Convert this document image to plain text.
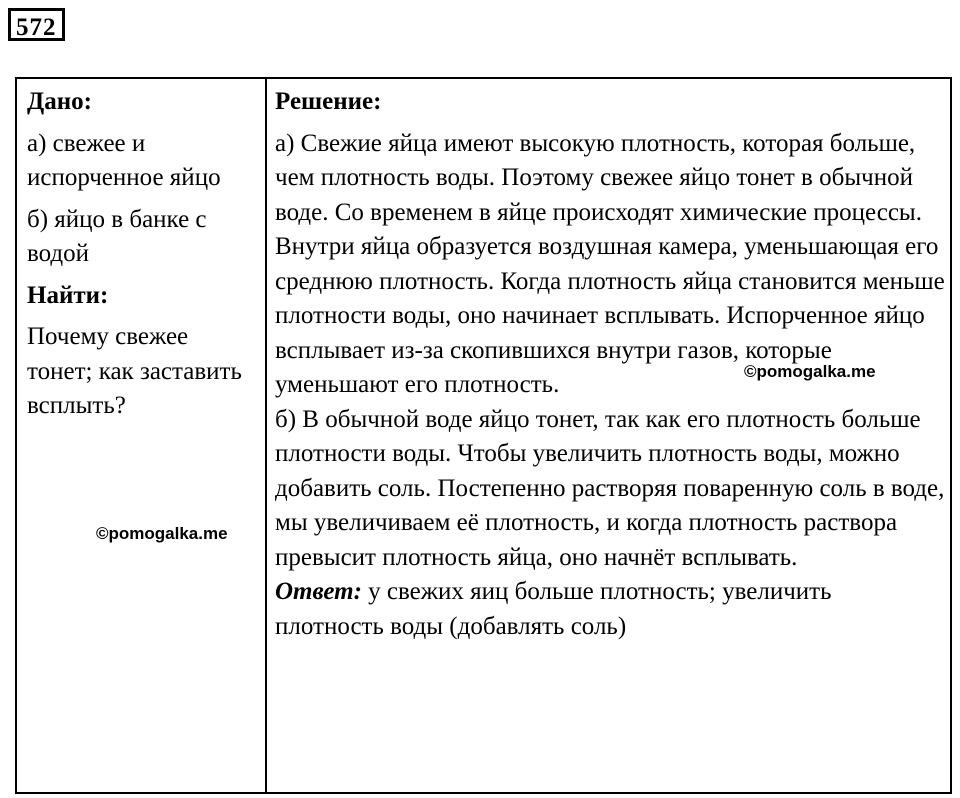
572

Дано:

а) свежее и испорченное яйцо

б) яйцо в банке с водой

Найти:

Почему свежее тонет; как заставить всплыть?

Решение:

а) Свежие яйца имеют высокую плотность, которая больше, чем плотность воды. Поэтому свежее яйцо тонет в обычной воде. Со временем в яйце происходят химические процессы. Внутри яйца образуется воздушная камера, уменьшающая его среднюю плотность. Когда плотность яйца становится меньше плотности воды, оно начинает всплывать. Испорченное яйцо всплывает из-за скопившихся внутри газов, которые уменьшают его плотность.

б) В обычной воде яйцо тонет, так как его плотность больше плотности воды. Чтобы увеличить плотность воды, можно добавить соль. Постепенно растворяя поваренную соль в воде, мы увеличиваем её плотность, и когда плотность раствора превысит плотность яйца, оно начнёт всплывать.

Ответ: у свежих яиц больше плотность; увеличить плотность воды (добавлять соль)

©pomogalka.me
©pomogalka.me
